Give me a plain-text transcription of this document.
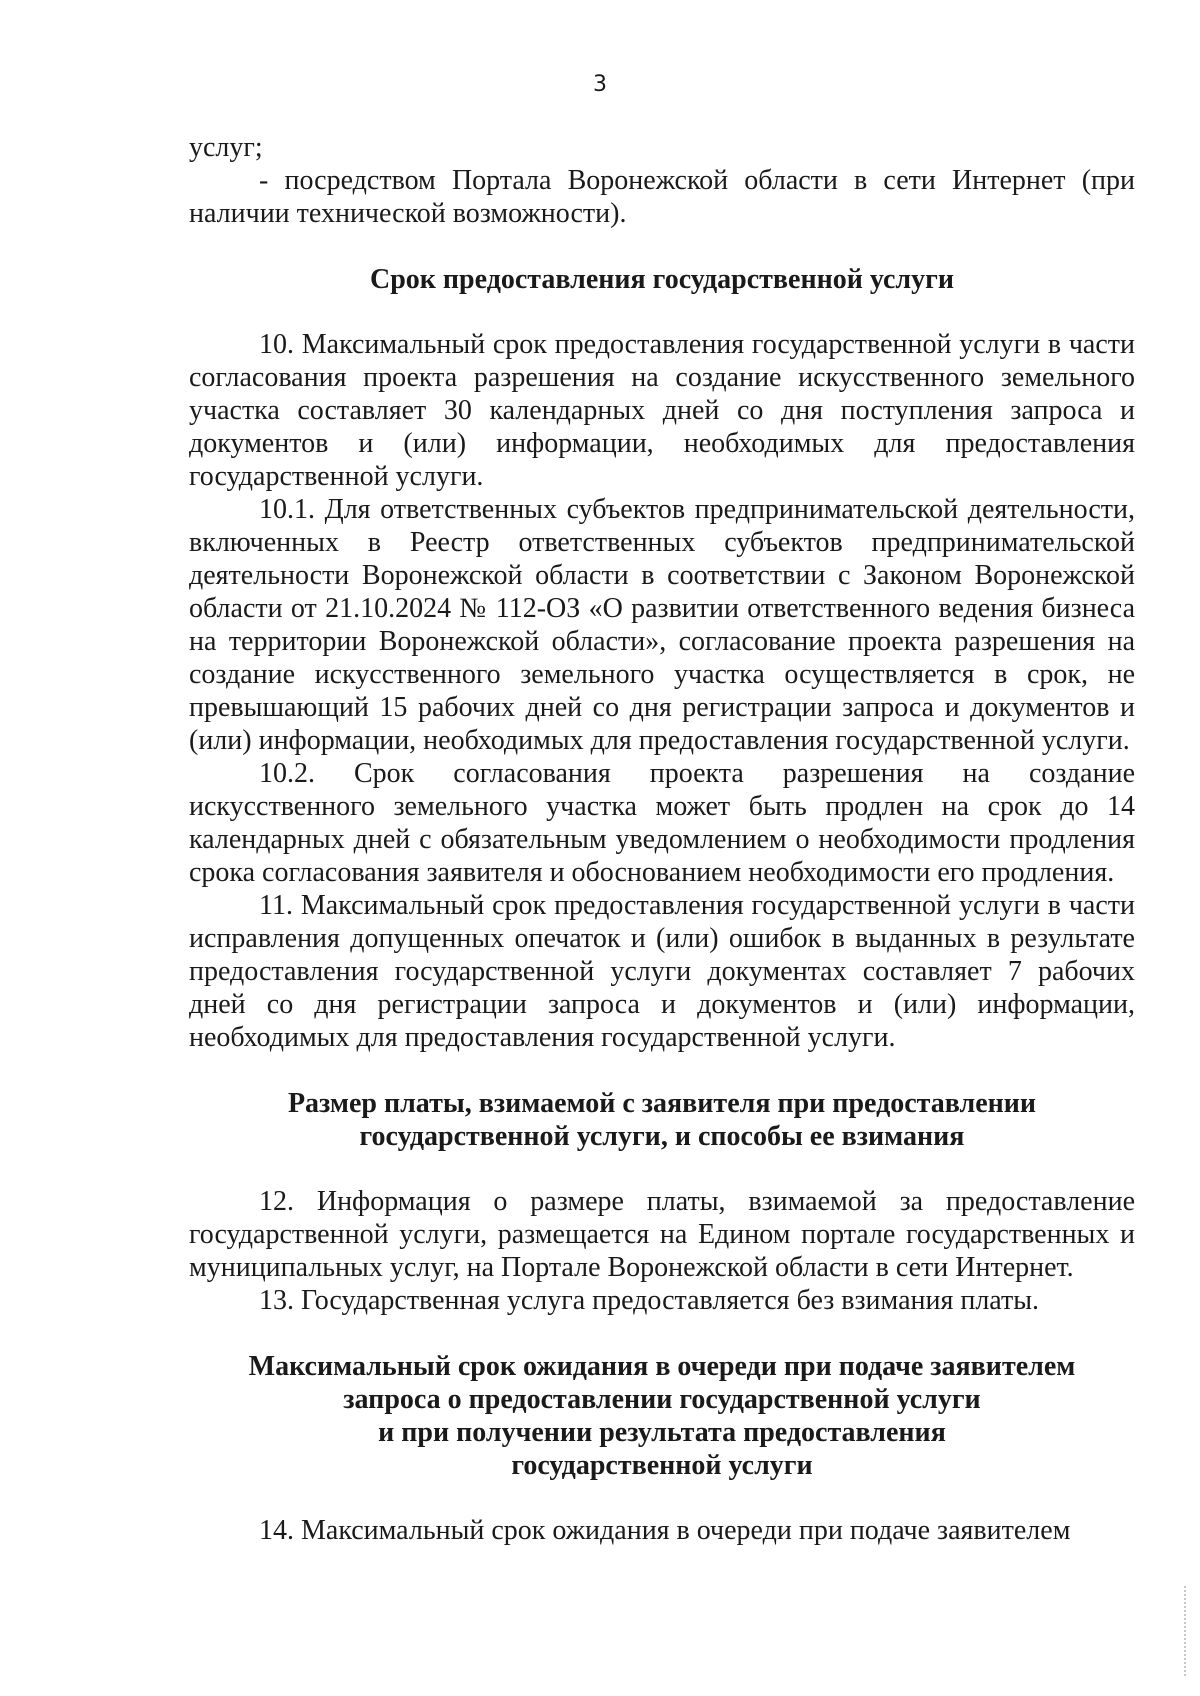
3

услуг;

- посредством Портала Воронежской области в сети Интернет (при наличии технической возможности).

Срок предоставления государственной услуги

10. Максимальный срок предоставления государственной услуги в части согласования проекта разрешения на создание искусственного земельного участка составляет 30 календарных дней со дня поступления запроса и документов и (или) информации, необходимых для предоставления государственной услуги.

10.1. Для ответственных субъектов предпринимательской деятельности, включенных в Реестр ответственных субъектов предпринимательской деятельности Воронежской области в соответствии с Законом Воронежской области от 21.10.2024 № 112-ОЗ «О развитии ответственного ведения бизнеса на территории Воронежской области», согласование проекта разрешения на создание искусственного земельного участка осуществляется в срок, не превышающий 15 рабочих дней со дня регистрации запроса и документов и (или) информации, необходимых для предоставления государственной услуги.

10.2. Срок согласования проекта разрешения на создание искусственного земельного участка может быть продлен на срок до 14 календарных дней с обязательным уведомлением о необходимости продления срока согласования заявителя и обоснованием необходимости его продления.

11. Максимальный срок предоставления государственной услуги в части исправления допущенных опечаток и (или) ошибок в выданных в результате предоставления государственной услуги документах составляет 7 рабочих дней со дня регистрации запроса и документов и (или) информации, необходимых для предоставления государственной услуги.

Размер платы, взимаемой с заявителя при предоставлении
государственной услуги, и способы ее взимания

12. Информация о размере платы, взимаемой за предоставление государственной услуги, размещается на Едином портале государственных и муниципальных услуг, на Портале Воронежской области в сети Интернет.

13. Государственная услуга предоставляется без взимания платы.

Максимальный срок ожидания в очереди при подаче заявителем
запроса о предоставлении государственной услуги
и при получении результата предоставления
государственной услуги

14. Максимальный срок ожидания в очереди при подаче заявителем
